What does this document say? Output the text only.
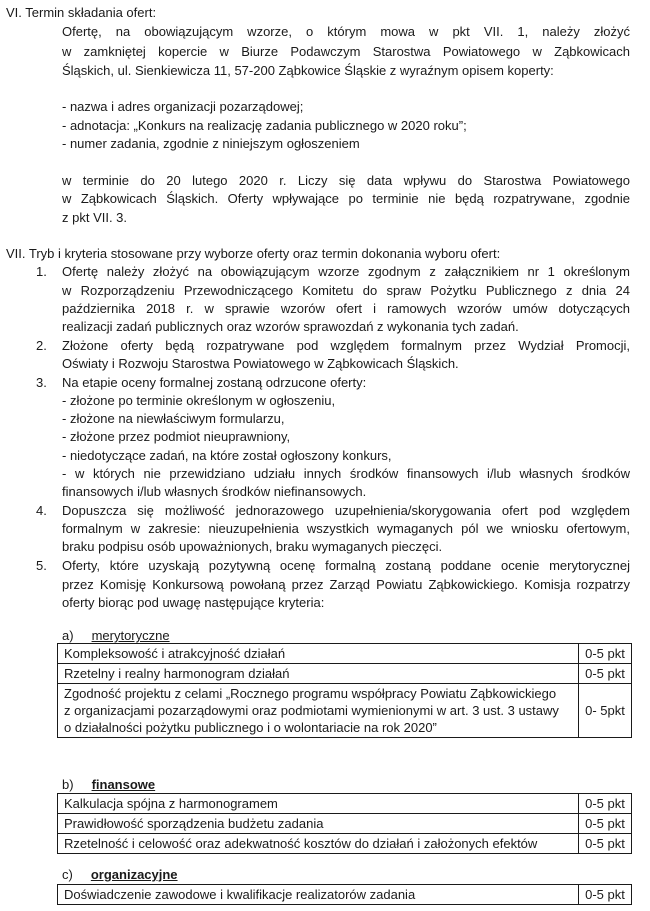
VI. Termin składania ofert:
Ofertę, na obowiązującym wzorze, o którym mowa w pkt VII. 1, należy złożyć
w zamkniętej kopercie w Biurze Podawczym Starostwa Powiatowego w Ząbkowicach
Śląskich, ul. Sienkiewicza 11, 57-200 Ząbkowice Śląskie z wyraźnym opisem koperty:
- nazwa i adres organizacji pozarządowej;
- adnotacja: „Konkurs na realizację zadania publicznego w 2020 roku”;
- numer zadania, zgodnie z niniejszym ogłoszeniem
w terminie do 20 lutego 2020 r. Liczy się data wpływu do Starostwa Powiatowego
w Ząbkowicach Śląskich. Oferty wpływające po terminie nie będą rozpatrywane, zgodnie
z pkt VII. 3.
VII. Tryb i kryteria stosowane przy wyborze oferty oraz termin dokonania wyboru ofert:
1. Ofertę należy złożyć na obowiązującym wzorze zgodnym z załącznikiem nr 1 określonym
w Rozporządzeniu Przewodniczącego Komitetu do spraw Pożytku Publicznego z dnia 24
października 2018 r. w sprawie wzorów ofert i ramowych wzorów umów dotyczących
realizacji zadań publicznych oraz wzorów sprawozdań z wykonania tych zadań.
2. Złożone oferty będą rozpatrywane pod względem formalnym przez Wydział Promocji,
Oświaty i Rozwoju Starostwa Powiatowego w Ząbkowicach Śląskich.
3. Na etapie oceny formalnej zostaną odrzucone oferty:
- złożone po terminie określonym w ogłoszeniu,
- złożone na niewłaściwym formularzu,
- złożone przez podmiot nieuprawniony,
- niedotyczące zadań, na które został ogłoszony konkurs,
- w których nie przewidziano udziału innych środków finansowych i/lub własnych środków
finansowych i/lub własnych środków niefinansowych.
4. Dopuszcza się możliwość jednorazowego uzupełnienia/skorygowania ofert pod względem
formalnym w zakresie: nieuzupełnienia wszystkich wymaganych pól we wniosku ofertowym,
braku podpisu osób upoważnionych, braku wymaganych pieczęci.
5. Oferty, które uzyskają pozytywną ocenę formalną zostaną poddane ocenie merytorycznej
przez Komisję Konkursową powołaną przez Zarząd Powiatu Ząbkowickiego. Komisja rozpatrzy
oferty biorąc pod uwagę następujące kryteria:
a) merytoryczne
Kompleksowość i atrakcyjność działań	0-5 pkt
Rzetelny i realny harmonogram działań	0-5 pkt
Zgodność projektu z celami „Rocznego programu współpracy Powiatu Ząbkowickiego z organizacjami pozarządowymi oraz podmiotami wymienionymi w art. 3 ust. 3 ustawy o działalności pożytku publicznego i o wolontariacie na rok 2020”	0- 5pkt
b) finansowe
Kalkulacja spójna z harmonogramem	0-5 pkt
Prawidłowość sporządzenia budżetu zadania	0-5 pkt
Rzetelność i celowość oraz adekwatność kosztów do działań i założonych efektów	0-5 pkt
c) organizacyjne
Doświadczenie zawodowe i kwalifikacje realizatorów zadania	0-5 pkt
